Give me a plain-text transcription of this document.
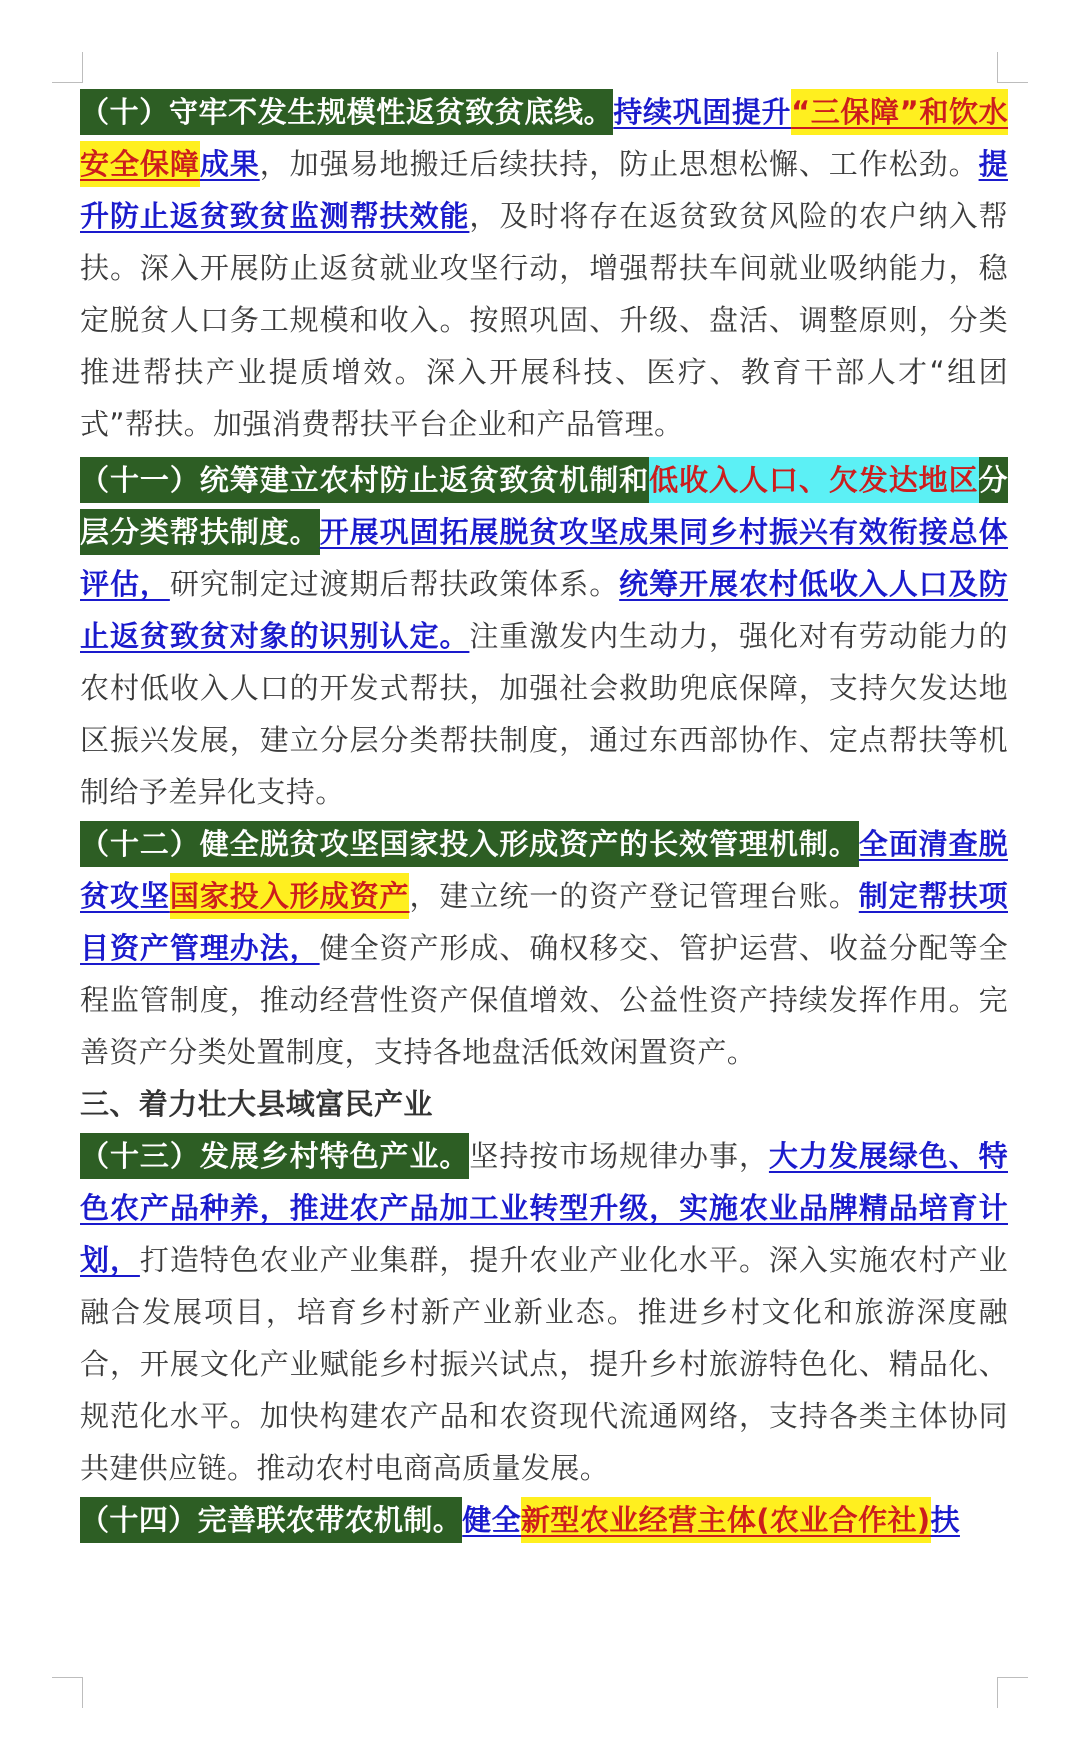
（十）守牢不发生规模性返贫致贫底线。持续巩固提升“三保障”和饮水安全保障成果，加强易地搬迁后续扶持，防止思想松懈、工作松劲。提升防止返贫致贫监测帮扶效能，及时将存在返贫致贫风险的农户纳入帮扶。深入开展防止返贫就业攻坚行动，增强帮扶车间就业吸纳能力，稳定脱贫人口务工规模和收入。按照巩固、升级、盘活、调整原则，分类推进帮扶产业提质增效。深入开展科技、医疗、教育干部人才“组团式”帮扶。加强消费帮扶平台企业和产品管理。

（十一）统筹建立农村防止返贫致贫机制和低收入人口、欠发达地区分层分类帮扶制度。开展巩固拓展脱贫攻坚成果同乡村振兴有效衔接总体评估，研究制定过渡期后帮扶政策体系。统筹开展农村低收入人口及防止返贫致贫对象的识别认定。注重激发内生动力，强化对有劳动能力的农村低收入人口的开发式帮扶，加强社会救助兜底保障，支持欠发达地区振兴发展，建立分层分类帮扶制度，通过东西部协作、定点帮扶等机制给予差异化支持。

（十二）健全脱贫攻坚国家投入形成资产的长效管理机制。全面清查脱贫攻坚国家投入形成资产，建立统一的资产登记管理台账。制定帮扶项目资产管理办法，健全资产形成、确权移交、管护运营、收益分配等全程监管制度，推动经营性资产保值增效、公益性资产持续发挥作用。完善资产分类处置制度，支持各地盘活低效闲置资产。

三、着力壮大县域富民产业

（十三）发展乡村特色产业。坚持按市场规律办事，大力发展绿色、特色农产品种养，推进农产品加工业转型升级，实施农业品牌精品培育计划，打造特色农业产业集群，提升农业产业化水平。深入实施农村产业融合发展项目，培育乡村新产业新业态。推进乡村文化和旅游深度融合，开展文化产业赋能乡村振兴试点，提升乡村旅游特色化、精品化、规范化水平。加快构建农产品和农资现代流通网络，支持各类主体协同共建供应链。推动农村电商高质量发展。

（十四）完善联农带农机制。健全新型农业经营主体(农业合作社)扶
